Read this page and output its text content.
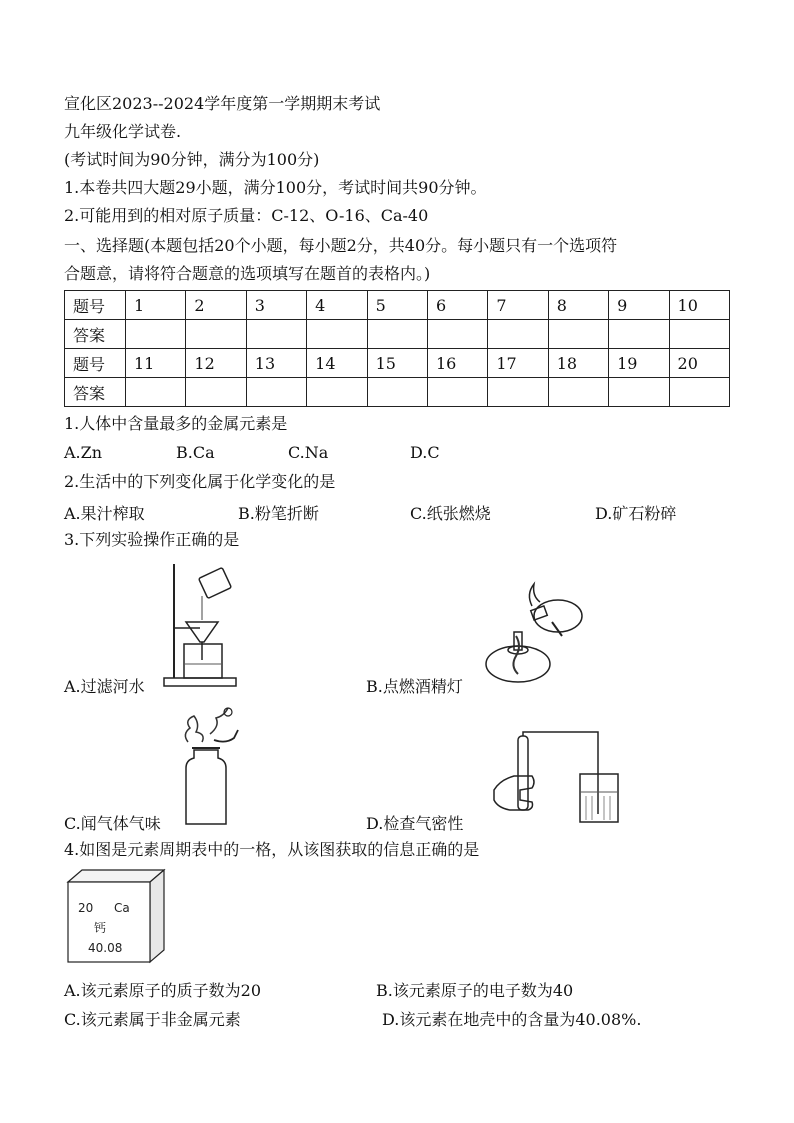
宣化区2023--2024学年度第一学期期末考试
九年级化学试卷.
(考试时间为90分钟，满分为100分)
1.本卷共四大题29小题，满分100分，考试时间共90分钟。
2.可能用到的相对原子质量：C-12、O-16、Ca-40
一、选择题(本题包括20个小题，每小题2分，共40分。每小题只有一个选项符
合题意，请将符合题意的选项填写在题首的表格内。)
题号	1	2	3	4	5	6	7	8	9	10
答案										
题号	11	12	13	14	15	16	17	18	19	20
答案										
1.人体中含量最多的金属元素是
A.Zn	B.Ca	C.Na	D.C
2.生活中的下列变化属于化学变化的是
A.果汁榨取	B.粉笔折断	C.纸张燃烧	D.矿石粉碎
3.下列实验操作正确的是
A.过滤河水	B.点燃酒精灯
C.闻气体气味	D.检查气密性
4.如图是元素周期表中的一格，从该图获取的信息正确的是
20 Ca
钙
40.08
A.该元素原子的质子数为20	B.该元素原子的电子数为40
C.该元素属于非金属元素	D.该元素在地壳中的含量为40.08%.
